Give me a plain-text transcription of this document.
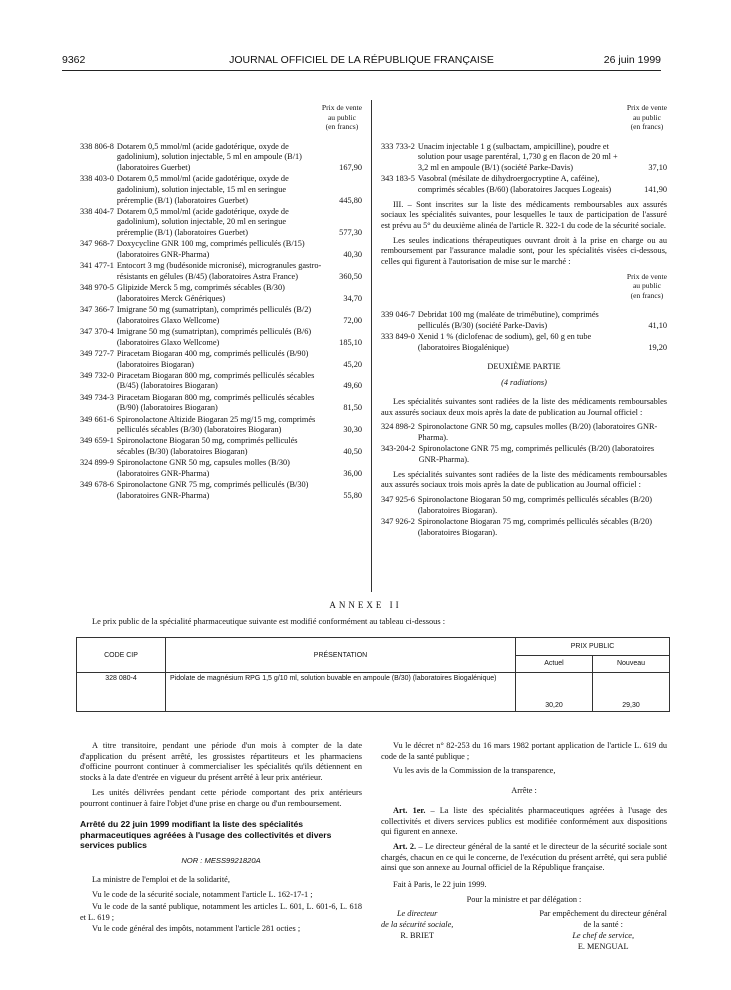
9362	JOURNAL OFFICIEL DE LA RÉPUBLIQUE FRANÇAISE	26 juin 1999
Prix de vente
au public
(en francs)
338 806-8 Dotarem 0,5 mmol/ml (acide gadotérique, oxyde de gadolinium), solution injectable, 5 ml en ampoule (B/1) (laboratoires Guerbet)	167,90
338 403-0 Dotarem 0,5 mmol/ml (acide gadotérique, oxyde de gadolinium), solution injectable, 15 ml en seringue préremplie (B/1) (laboratoires Guerbet)	445,80
338 404-7 Dotarem 0,5 mmol/ml (acide gadotérique, oxyde de gadolinium), solution injectable, 20 ml en seringue préremplie (B/1) (laboratoires Guerbet)	577,30
347 968-7 Doxycycline GNR 100 mg, comprimés pelliculés (B/15) (laboratoires GNR-Pharma)	40,30
341 477-1 Entocort 3 mg (budésonide micronisé), microgranules gastro-résistants en gélules (B/45) (laboratoires Astra France)	360,50
348 970-5 Glipizide Merck 5 mg, comprimés sécables (B/30) (laboratoires Merck Génériques)	34,70
347 366-7 Imigrane 50 mg (sumatriptan), comprimés pelliculés (B/2) (laboratoires Glaxo Wellcome)	72,00
347 370-4 Imigrane 50 mg (sumatriptan), comprimés pelliculés (B/6) (laboratoires Glaxo Wellcome)	185,10
349 727-7 Piracetam Biogaran 400 mg, comprimés pelliculés (B/90) (laboratoires Biogaran)	45,20
349 732-0 Piracetam Biogaran 800 mg, comprimés pelliculés sécables (B/45) (laboratoires Biogaran)	49,60
349 734-3 Piracetam Biogaran 800 mg, comprimés pelliculés sécables (B/90) (laboratoires Biogaran)	81,50
349 661-6 Spironolactone Altizide Biogaran 25 mg/15 mg, comprimés pelliculés sécables (B/30) (laboratoires Biogaran)	30,30
349 659-1 Spironolactone Biogaran 50 mg, comprimés pelliculés sécables (B/30) (laboratoires Biogaran)	40,50
324 899-9 Spironolactone GNR 50 mg, capsules molles (B/30) (laboratoires GNR-Pharma)	36,00
349 678-6 Spironolactone GNR 75 mg, comprimés pelliculés (B/30) (laboratoires GNR-Pharma)	55,80
Prix de vente
au public
(en francs)
333 733-2 Unacim injectable 1 g (sulbactam, ampicilline), poudre et solution pour usage parentéral, 1,730 g en flacon de 20 ml + 3,2 ml en ampoule (B/1) (société Parke-Davis)	37,10
343 183-5 Vasobral (mésilate de dihydroergocryptine A, caféine), comprimés sécables (B/60) (laboratoires Jacques Logeais)	141,90
III. – Sont inscrites sur la liste des médicaments remboursables aux assurés sociaux les spécialités suivantes, pour lesquelles le taux de participation de l'assuré est prévu au 5° du deuxième alinéa de l'article R. 322-1 du code de la sécurité sociale.
Les seules indications thérapeutiques ouvrant droit à la prise en charge ou au remboursement par l'assurance maladie sont, pour les spécialités visées ci-dessous, celles qui figurent à l'autorisation de mise sur le marché :
Prix de vente
au public
(en francs)
339 046-7 Debridat 100 mg (maléate de trimébutine), comprimés pelliculés (B/30) (société Parke-Davis)	41,10
333 849-0 Xenid 1 % (diclofenac de sodium), gel, 60 g en tube (laboratoires Biogalénique)	19,20
DEUXIÈME PARTIE
(4 radiations)
Les spécialités suivantes sont radiées de la liste des médicaments remboursables aux assurés sociaux deux mois après la date de publication au Journal officiel :
324 898-2 Spironolactone GNR 50 mg, capsules molles (B/20) (laboratoires GNR-Pharma).
343-204-2 Spironolactone GNR 75 mg, comprimés pelliculés (B/20) (laboratoires GNR-Pharma).
Les spécialités suivantes sont radiées de la liste des médicaments remboursables aux assurés sociaux trois mois après la date de publication au Journal officiel :
347 925-6 Spironolactone Biogaran 50 mg, comprimés pelliculés sécables (B/20) (laboratoires Biogaran).
347 926-2 Spironolactone Biogaran 75 mg, comprimés pelliculés sécables (B/20) (laboratoires Biogaran).
ANNEXE II
Le prix public de la spécialité pharmaceutique suivante est modifié conformément au tableau ci-dessous :
CODE CIP	PRÉSENTATION	PRIX PUBLIC	
		Actuel	Nouveau
328 080-4	Pidolate de magnésium RPG 1,5 g/10 ml, solution buvable en ampoule (B/30) (laboratoires Biogalénique)	30,20	29,30
A titre transitoire, pendant une période d'un mois à compter de la date d'application du présent arrêté, les grossistes répartiteurs et les pharmaciens d'officine pourront continuer à commercialiser les spécialités qu'ils détiennent en stocks à la date d'entrée en vigueur du présent arrêté à leur prix antérieur.
Les unités délivrées pendant cette période comportant des prix antérieurs pourront continuer à faire l'objet d'une prise en charge ou d'un remboursement.
Arrêté du 22 juin 1999 modifiant la liste des spécialités pharmaceutiques agréées à l'usage des collectivités et divers services publics
NOR : MESS9921820A
La ministre de l'emploi et de la solidarité,
Vu le code de la sécurité sociale, notamment l'article L. 162-17-1 ;
Vu le code de la santé publique, notamment les articles L. 601, L. 601-6, L. 618 et L. 619 ;
Vu le code général des impôts, notamment l'article 281 octies ;
Vu le décret n° 82-253 du 16 mars 1982 portant application de l'article L. 619 du code de la santé publique ;
Vu les avis de la Commission de la transparence,
Arrête :
Art. 1er. – La liste des spécialités pharmaceutiques agréées à l'usage des collectivités et divers services publics est modifiée conformément aux dispositions qui figurent en annexe.
Art. 2. – Le directeur général de la santé et le directeur de la sécurité sociale sont chargés, chacun en ce qui le concerne, de l'exécution du présent arrêté, qui sera publié ainsi que son annexe au Journal officiel de la République française.
Fait à Paris, le 22 juin 1999.
Pour la ministre et par délégation :
Le directeur
de la sécurité sociale,
R. BRIET
Par empêchement du directeur général
de la santé :
Le chef de service,
E. MENGUAL
